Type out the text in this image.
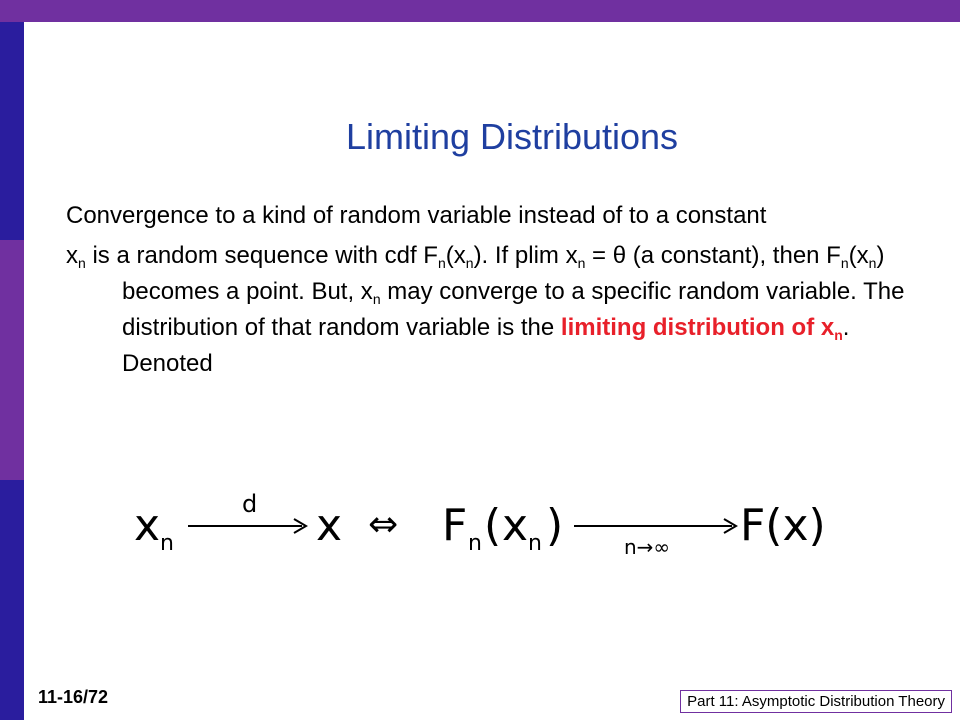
Limiting Distributions

Convergence to a kind of random variable instead of to a constant

$x_n$ is a random sequence with cdf $F_n(x_n)$. If plim $x_n = \theta$ (a constant), then $F_n(x_n)$ becomes a point. But, $x_n$ may converge to a specific random variable. The distribution of that random variable is the limiting distribution of $x_n$. Denoted

x n
d x ⇔ F n ( x n )	n→∞ F(x)
11-16/72	Part 11: Asymptotic Distribution Theory
